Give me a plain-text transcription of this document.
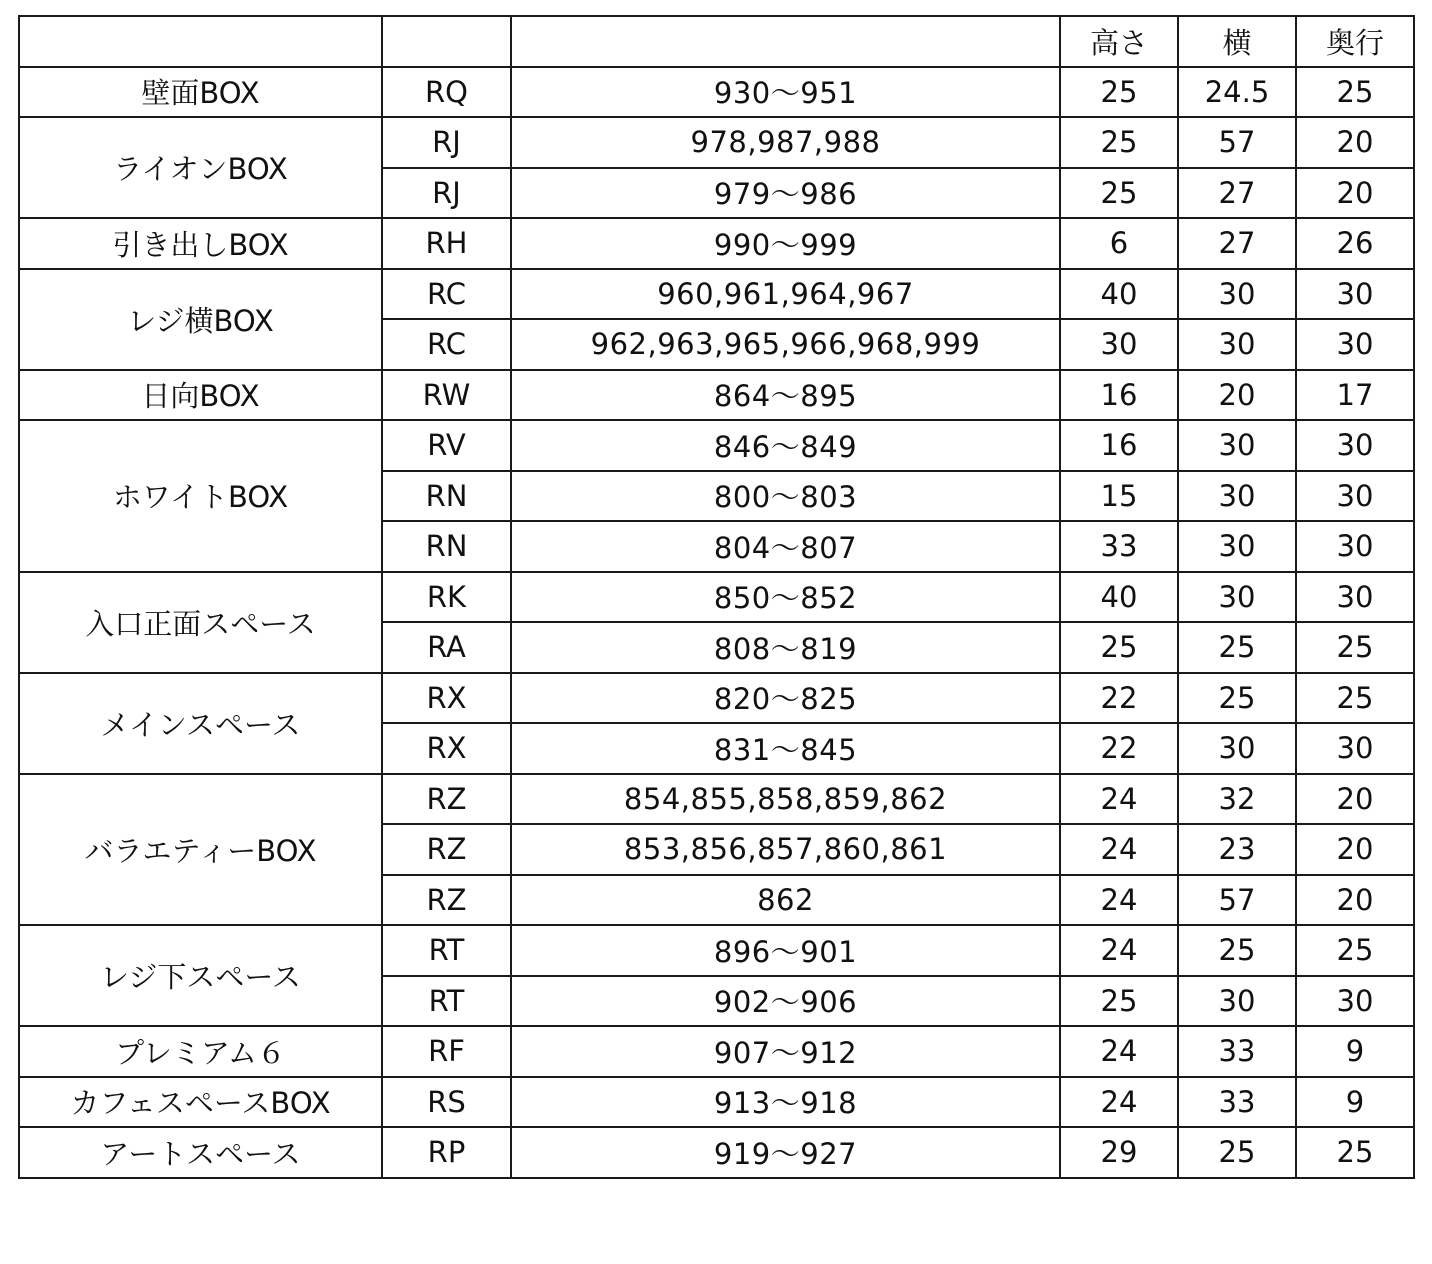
			高さ	横	奥行
壁面BOX	RQ	930〜951	25	24.5	25
ライオンBOX	RJ	978,987,988	25	57	20
	RJ	979〜986	25	27	20
引き出しBOX	RH	990〜999	6	27	26
レジ横BOX	RC	960,961,964,967	40	30	30
	RC	962,963,965,966,968,999	30	30	30
日向BOX	RW	864〜895	16	20	17
ホワイトBOX	RV	846〜849	16	30	30
	RN	800〜803	15	30	30
	RN	804〜807	33	30	30
入口正面スペース	RK	850〜852	40	30	30
	RA	808〜819	25	25	25
メインスペース	RX	820〜825	22	25	25
	RX	831〜845	22	30	30
バラエティーBOX	RZ	854,855,858,859,862	24	32	20
	RZ	853,856,857,860,861	24	23	20
	RZ	862	24	57	20
レジ下スペース	RT	896〜901	24	25	25
	RT	902〜906	25	30	30
プレミアム６	RF	907〜912	24	33	9
カフェスペースBOX	RS	913〜918	24	33	9
アートスペース	RP	919〜927	29	25	25
